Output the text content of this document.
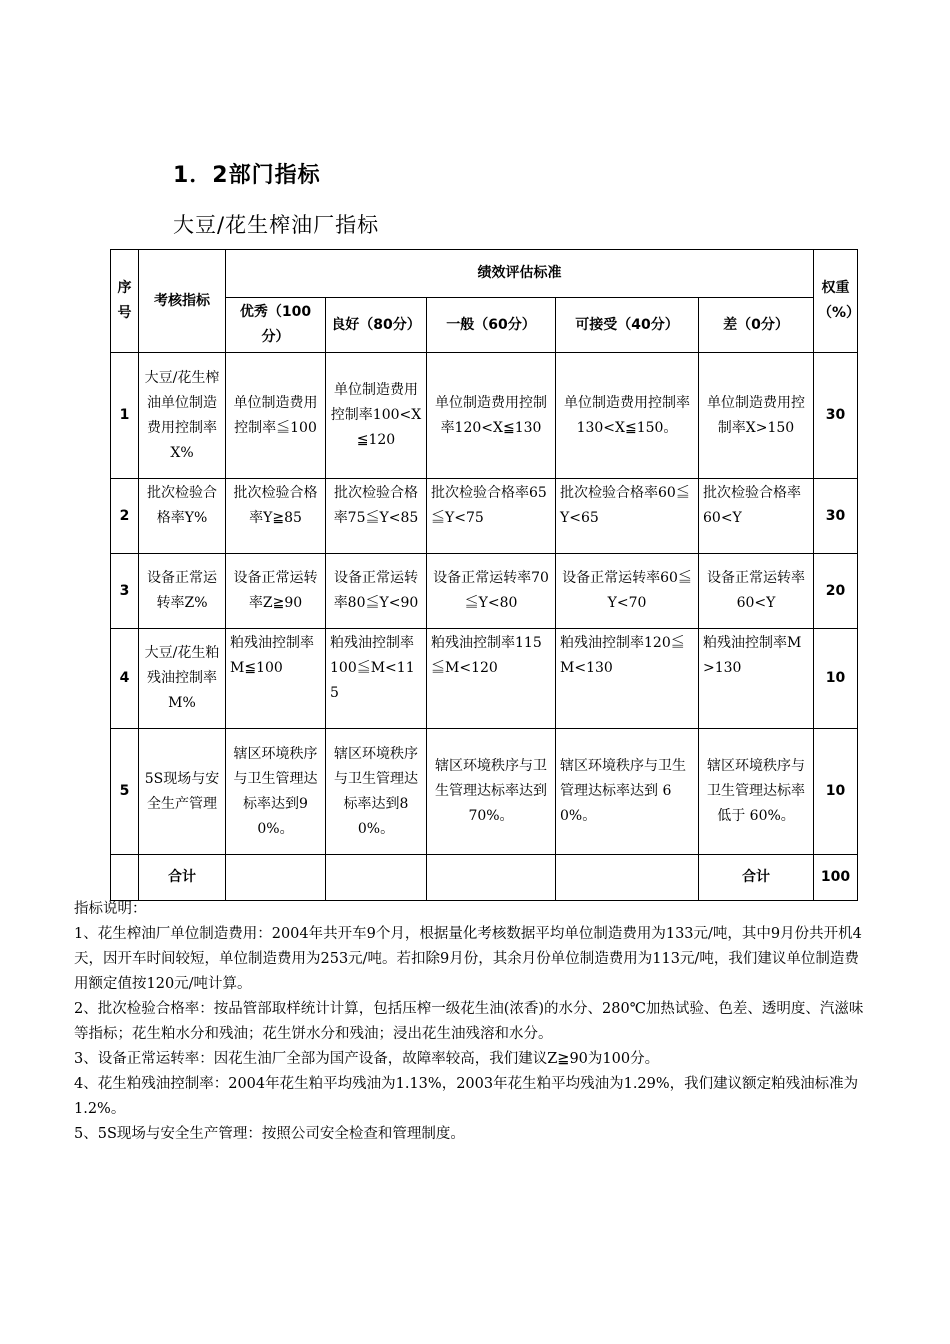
1．2部门指标
大豆/花生榨油厂指标
序号	考核指标	绩效评估标准					权重（%）
		优秀（100分）	良好（80分）	一般（60分）	可接受（40分）	差（0分）	
1	大豆/花生榨油单位制造费用控制率X%	单位制造费用控制率≦100	单位制造费用控制率100<X≦120	单位制造费用控制率120<X≦130	单位制造费用控制率130<X≦150。	单位制造费用控制率X>150	30
2	批次检验合格率Y%	批次检验合格率Y≧85	批次检验合格率75≦Y<85	批次检验合格率65≦Y<75	批次检验合格率60≦Y<65	批次检验合格率60<Y	30
3	设备正常运转率Z%	设备正常运转率Z≧90	设备正常运转率80≦Y<90	设备正常运转率70≦Y<80	设备正常运转率60≦Y<70	设备正常运转率60<Y	20
4	大豆/花生粕残油控制率M%	粕残油控制率M≦100	粕残油控制率100≦M<115	粕残油控制率115≦M<120	粕残油控制率120≦M<130	粕残油控制率M>130	10
5	5S现场与安全生产管理	辖区环境秩序与卫生管理达标率达到90%。	辖区环境秩序与卫生管理达标率达到80%。	辖区环境秩序与卫生管理达标率达到70%。	辖区环境秩序与卫生管理达标率达到 60%。	辖区环境秩序与卫生管理达标率低于 60%。	10
	合计					合计	100

指标说明：

1、花生榨油厂单位制造费用：2004年共开车9个月，根据量化考核数据平均单位制造费用为133元/吨，其中9月份共开机4天，因开车时间较短，单位制造费用为253元/吨。若扣除9月份，其余月份单位制造费用为113元/吨，我们建议单位制造费用额定值按120元/吨计算。

2、批次检验合格率：按品管部取样统计计算，包括压榨一级花生油(浓香)的水分、280℃加热试验、色差、透明度、汽滋味等指标；花生粕水分和残油；花生饼水分和残油；浸出花生油残溶和水分。

3、设备正常运转率：因花生油厂全部为国产设备，故障率较高，我们建议Z≧90为100分。

4、花生粕残油控制率：2004年花生粕平均残油为1.13%，2003年花生粕平均残油为1.29%，我们建议额定粕残油标准为1.2%。

5、5S现场与安全生产管理：按照公司安全检查和管理制度。
